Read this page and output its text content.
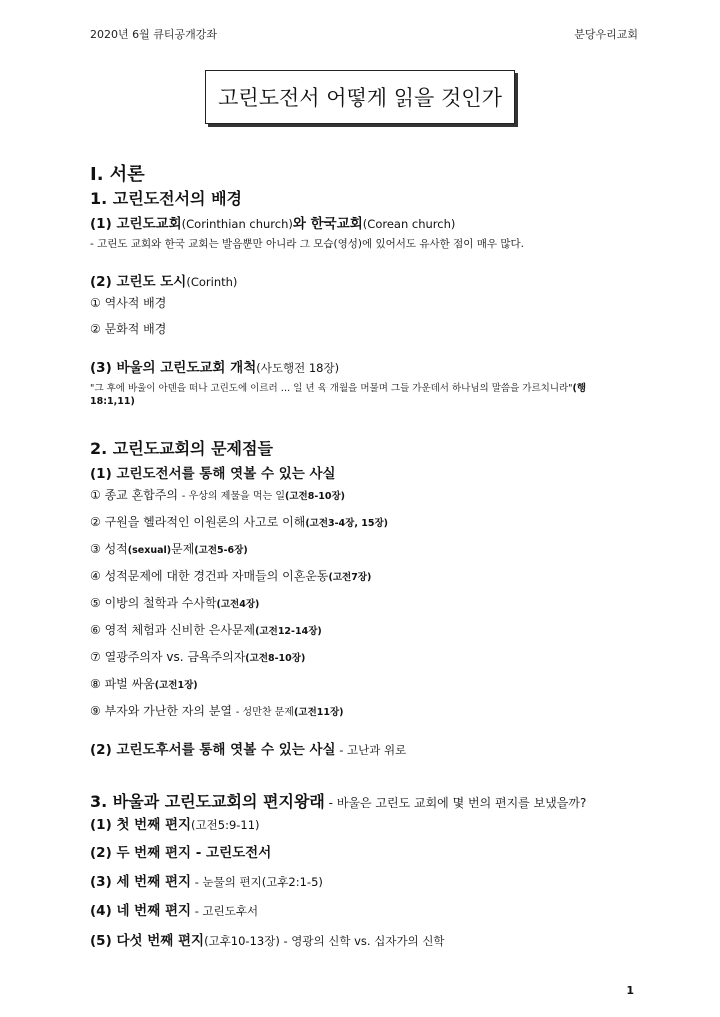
2020년 6월 큐티공개강좌	분당우리교회
고린도전서 어떻게 읽을 것인가
I. 서론
1. 고린도전서의 배경
(1) 고린도교회(Corinthian church)와 한국교회(Corean church)
- 고린도 교회와 한국 교회는 발음뿐만 아니라 그 모습(영성)에 있어서도 유사한 점이 매우 많다.
(2) 고린도 도시(Corinth)
① 역사적 배경
② 문화적 배경
(3) 바울의 고린도교회 개척(사도행전 18장)
"그 후에 바울이 아덴을 떠나 고린도에 이르러 … 일 년 육 개월을 머물며 그들 가운데서 하나님의 말씀을 가르치니라"(행
18:1,11)
2. 고린도교회의 문제점들
(1) 고린도전서를 통해 엿볼 수 있는 사실
① 종교 혼합주의 - 우상의 제물을 먹는 일(고전8-10장)
② 구원을 헬라적인 이원론의 사고로 이해(고전3-4장, 15장)
③ 성적(sexual)문제(고전5-6장)
④ 성적문제에 대한 경건파 자매들의 이혼운동(고전7장)
⑤ 이방의 철학과 수사학(고전4장)
⑥ 영적 체험과 신비한 은사문제(고전12-14장)
⑦ 열광주의자 vs. 금욕주의자(고전8-10장)
⑧ 파벌 싸움(고전1장)
⑨ 부자와 가난한 자의 분열 - 성만찬 문제(고전11장)
(2) 고린도후서를 통해 엿볼 수 있는 사실 - 고난과 위로
3. 바울과 고린도교회의 편지왕래 - 바울은 고린도 교회에 몇 번의 편지를 보냈을까?
(1) 첫 번째 편지(고전5:9-11)
(2) 두 번째 편지 - 고린도전서
(3) 세 번째 편지 - 눈물의 편지(고후2:1-5)
(4) 네 번째 편지 - 고린도후서
(5) 다섯 번째 편지(고후10-13장) - 영광의 신학 vs. 십자가의 신학
1
